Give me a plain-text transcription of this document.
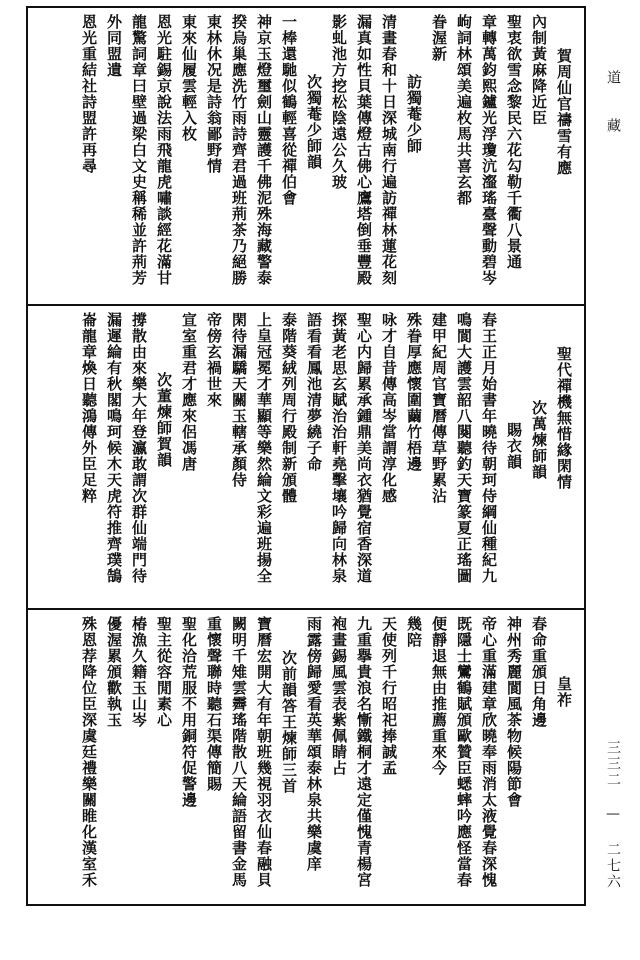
賀周仙官禱雪有應
內制黃麻降近臣
聖衷欲雪念黎民六花勾勒千衢八景通
章轉萬鈞熙鑪光浮瓊沆瀣瑤臺聲動碧岑
岣詞林頌美遍枚馬共喜玄都
眷渥新
訪獨菴少師
清畫春和十日深城南行遍訪禪林蓮花刻
漏真如性貝葉傳燈古佛心鷹塔倒垂豐殿
影虬池方挖松陰遠公久玻
次獨菴少師韻
一棒還馳似鶴輕喜從禪伯會
神京玉燈璽劍山靈護千佛泥殊海藏警泰
揆烏巢應洗竹雨詩齊君過班荊茶乃絕勝
東林休况是詩翁鄙野情
東來仙履雲輕入枚
恩光駐錫京說法雨飛龍虎嘯談經花滿甘
龍驚詞章曰壁過梁白文史稱稀並許荊芳
外同盟遺
恩光重結社詩盟許再尋
聖代禪機無惜緣閑情
次萬煉師韻
賜衣韻
春王正月始書年曉待朝珂侍綱仙種紀九
鳴閬大護雲韶八闋聽釣天寶篆夏正瑤圖
建甲紀周官寶曆傳草野累沾
殊眷厚應懷圍繭竹梧邊
咏才自昔傳高岑當謂淳化感
聖心内歸累承鍾鼎美尚衣猶覺宿香深道
探黃老思玄賦治治軒堯擊壤吟歸向林泉
語看看鳳池清夢繞子命
泰階葵絨列周行殿制新頒體
上皇冠冕才華顯等樂然綸文彩遍班揚全
閑待漏驕天關玉轄承顏侍
帝傍玄禍世來
宣室重君才應來侶馮唐
次董煉師賀韻
撐散由來樂大年登瀛敢謂次群仙端門待
漏遲綸有秋閣鳴珂候木天虎符推齊璞鵠
崙龍章煥日聽鴻傳外臣足粹
皇祚
春命重頒日角邊
神州秀麗閬風茶物候陽節會
帝心重滿建章欣曉奉雨消太液覺春深愧
既隱士鸞鶴賦頒歐贊臣蟋蟀吟應怪當春
便靜退無由推薦重來今
幾陪
天使列千行昭祀捧誠孟
九重擧貴浪名慚鐵桐才遠定僅愧青楊宮
袍畫錫風雲表紫佩睛占
雨露傍歸愛看英華頌泰林泉共樂虞庠
次前韻答王煉師三首
寶曆宏開大有年朝班幾視羽衣仙春融貝
闕明千雉雲霽瑤階散八天綸語留書金馬
重懷聲聯時聽石渠傳簡賜
聖化洽荒服不用銅符促警邊
聖主從容閒素心
椿漁久籍玉山岑
優渥累頒歡執玉
殊恩荐降位臣深虞廷禮樂關睢化漢室禾
道
藏
三三二 — 二七六
